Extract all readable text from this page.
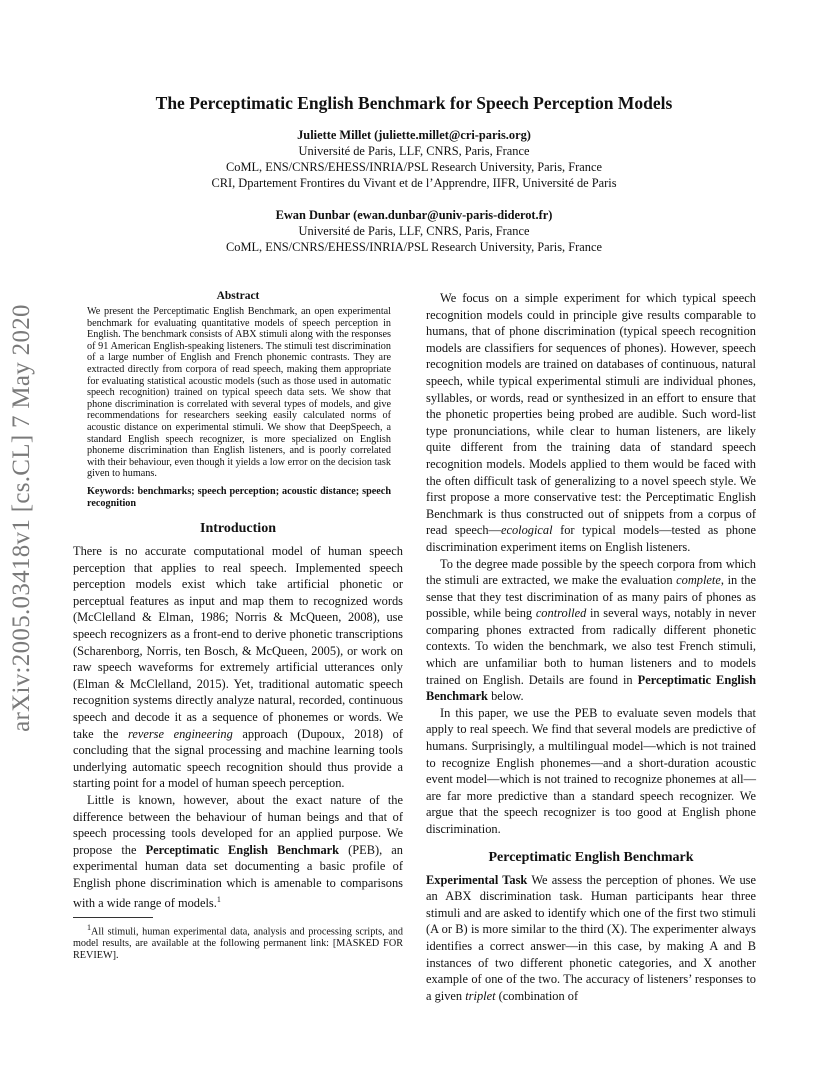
arXiv:2005.03418v1 [cs.CL] 7 May 2020
The Perceptimatic English Benchmark for Speech Perception Models
Juliette Millet (juliette.millet@cri-paris.org)
Université de Paris, LLF, CNRS, Paris, France
CoML, ENS/CNRS/EHESS/INRIA/PSL Research University, Paris, France
CRI, Dpartement Frontires du Vivant et de l’Apprendre, IIFR, Université de Paris
Ewan Dunbar (ewan.dunbar@univ-paris-diderot.fr)
Université de Paris, LLF, CNRS, Paris, France
CoML, ENS/CNRS/EHESS/INRIA/PSL Research University, Paris, France
Abstract

We present the Perceptimatic English Benchmark, an open experimental benchmark for evaluating quantitative models of speech perception in English. The benchmark consists of ABX stimuli along with the responses of 91 American English-speaking listeners. The stimuli test discrimination of a large number of English and French phonemic contrasts. They are extracted directly from corpora of read speech, making them appropriate for evaluating statistical acoustic models (such as those used in automatic speech recognition) trained on typical speech data sets. We show that phone discrimination is correlated with several types of models, and give recommendations for researchers seeking easily calculated norms of acoustic distance on experimental stimuli. We show that DeepSpeech, a standard English speech recognizer, is more specialized on English phoneme discrimination than English listeners, and is poorly correlated with their behaviour, even though it yields a low error on the decision task given to humans.

Keywords: benchmarks; speech perception; acoustic distance; speech recognition

Introduction

There is no accurate computational model of human speech perception that applies to real speech. Implemented speech perception models exist which take artificial phonetic or perceptual features as input and map them to recognized words (McClelland & Elman, 1986; Norris & McQueen, 2008), use speech recognizers as a front-end to derive phonetic transcriptions (Scharenborg, Norris, ten Bosch, & McQueen, 2005), or work on raw speech waveforms for extremely artificial utterances only (Elman & McClelland, 2015). Yet, traditional automatic speech recognition systems directly analyze natural, recorded, continuous speech and decode it as a sequence of phonemes or words. We take the reverse engineering approach (Dupoux, 2018) of concluding that the signal processing and machine learning tools underlying automatic speech recognition should thus provide a starting point for a model of human speech perception.

Little is known, however, about the exact nature of the difference between the behaviour of human beings and that of speech processing tools developed for an applied purpose. We propose the Perceptimatic English Benchmark (PEB), an experimental human data set documenting a basic profile of English phone discrimination which is amenable to comparisons with a wide range of models.$^1$

$^1$All stimuli, human experimental data, analysis and processing scripts, and model results, are available at the following permanent link: [MASKED FOR REVIEW].

We focus on a simple experiment for which typical speech recognition models could in principle give results comparable to humans, that of phone discrimination (typical speech recognition models are classifiers for sequences of phones). However, speech recognition models are trained on databases of continuous, natural speech, while typical experimental stimuli are individual phones, syllables, or words, read or synthesized in an effort to ensure that the phonetic properties being probed are audible. Such word-list type pronunciations, while clear to human listeners, are likely quite different from the training data of standard speech recognition models. Models applied to them would be faced with the often difficult task of generalizing to a novel speech style. We first propose a more conservative test: the Perceptimatic English Benchmark is thus constructed out of snippets from a corpus of read speech—ecological for typical models—tested as phone discrimination experiment items on English listeners.

To the degree made possible by the speech corpora from which the stimuli are extracted, we make the evaluation complete, in the sense that they test discrimination of as many pairs of phones as possible, while being controlled in several ways, notably in never comparing phones extracted from radically different phonetic contexts. To widen the benchmark, we also test French stimuli, which are unfamiliar both to human listeners and to models trained on English. Details are found in Perceptimatic English Benchmark below.

In this paper, we use the PEB to evaluate seven models that apply to real speech. We find that several models are predictive of humans. Surprisingly, a multilingual model—which is not trained to recognize English phonemes—and a short-duration acoustic event model—which is not trained to recognize phonemes at all—are far more predictive than a standard speech recognizer. We argue that the speech recognizer is too good at English phone discrimination.

Perceptimatic English Benchmark

Experimental Task We assess the perception of phones. We use an ABX discrimination task. Human participants hear three stimuli and are asked to identify which one of the first two stimuli (A or B) is more similar to the third (X). The experimenter always identifies a correct answer—in this case, by making A and B instances of two different phonetic categories, and X another example of one of the two. The accuracy of listeners’ responses to a given triplet (combination of
